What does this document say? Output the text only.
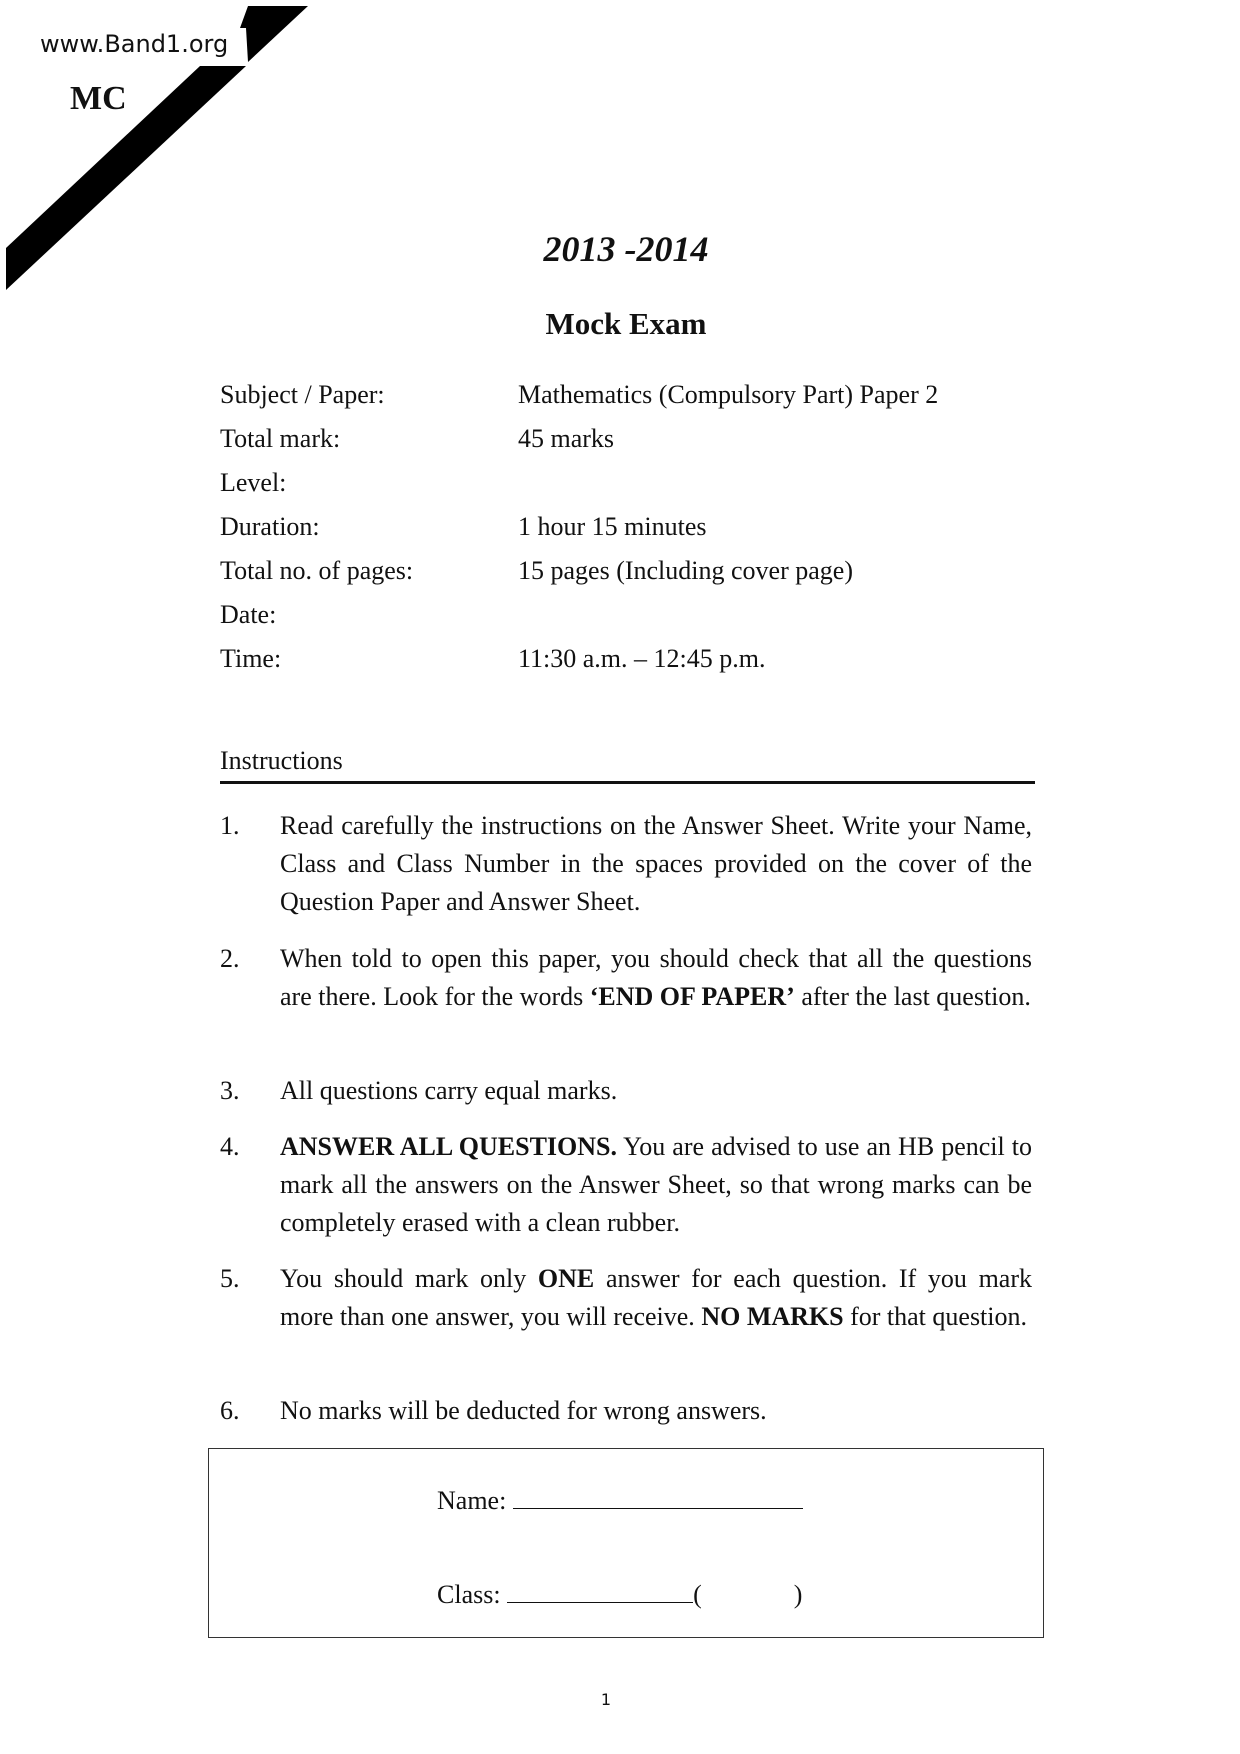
www.Band1.org
MC
2013 -2014
Mock Exam
Subject / Paper:	Mathematics (Compulsory Part) Paper 2
Total mark:	45 marks
Level:
Duration:	1 hour 15 minutes
Total no. of pages:	15 pages (Including cover page)
Date:
Time:	11:30 a.m. – 12:45 p.m.
Instructions
1. Read carefully the instructions on the Answer Sheet. Write your Name, Class and Class Number in the spaces provided on the cover of the Question Paper and Answer Sheet.
2. When told to open this paper, you should check that all the questions are there. Look for the words ‘END OF PAPER’ after the last question.
3. All questions carry equal marks.
4. ANSWER ALL QUESTIONS. You are advised to use an HB pencil to mark all the answers on the Answer Sheet, so that wrong marks can be completely erased with a clean rubber.
5. You should mark only ONE answer for each question. If you mark more than one answer, you will receive. NO MARKS for that question.
6. No marks will be deducted for wrong answers.
Name:
Class:	(	)
1
